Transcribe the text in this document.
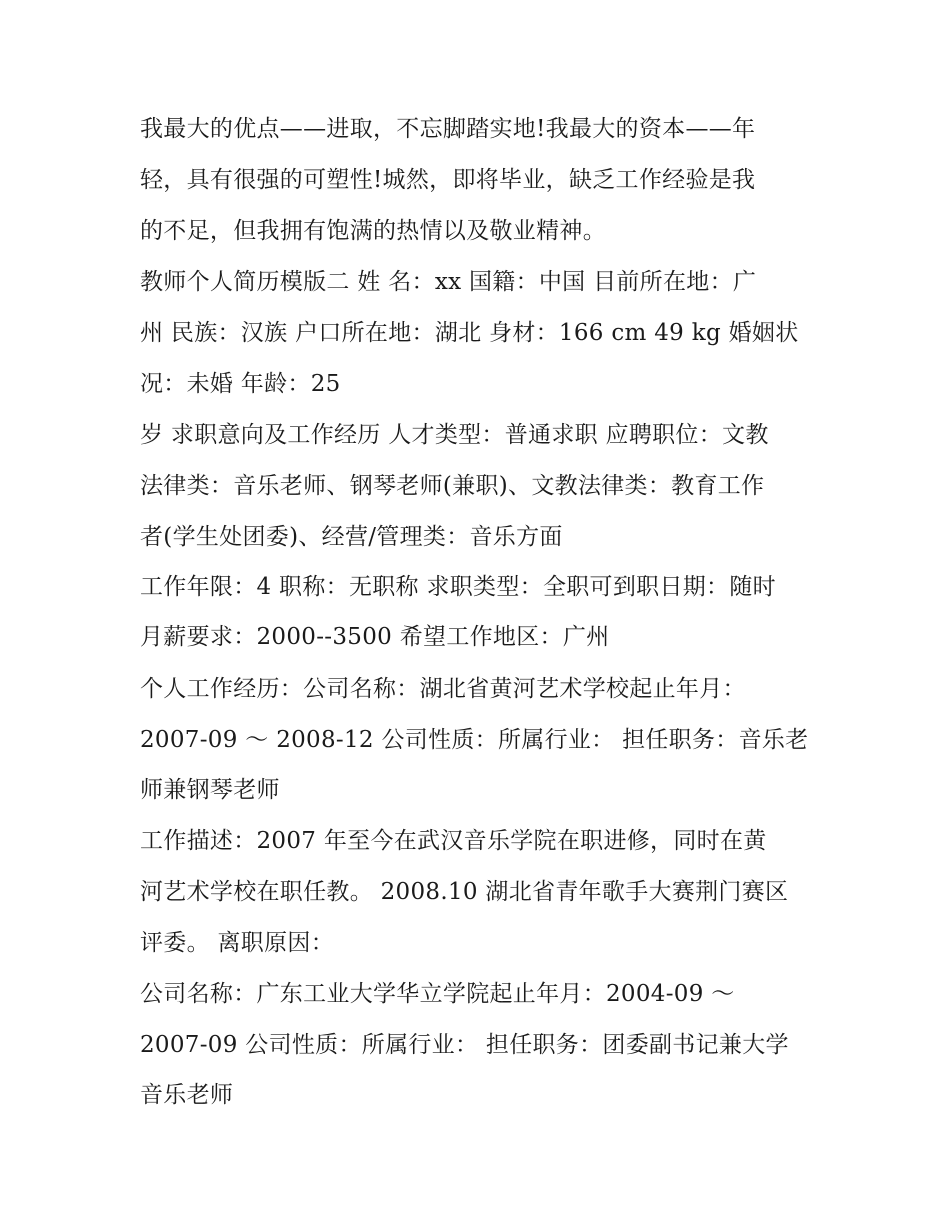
我最大的优点——进取，不忘脚踏实地!我最大的资本——年
轻，具有很强的可塑性!城然，即将毕业，缺乏工作经验是我
的不足，但我拥有饱满的热情以及敬业精神。
教师个人简历模版二 姓 名：xx 国籍：中国 目前所在地：广
州 民族：汉族 户口所在地：湖北 身材：166 cm 49 kg 婚姻状
况：未婚 年龄：25
岁 求职意向及工作经历 人才类型：普通求职 应聘职位：文教
法律类：音乐老师、钢琴老师(兼职)、文教法律类：教育工作
者(学生处团委)、经营/管理类：音乐方面
工作年限：4 职称：无职称 求职类型：全职可到职日期：随时
月薪要求：2000--3500 希望工作地区：广州
个人工作经历：公司名称：湖北省黄河艺术学校起止年月：
2007-09 ～ 2008-12 公司性质：所属行业： 担任职务：音乐老
师兼钢琴老师
工作描述：2007 年至今在武汉音乐学院在职进修，同时在黄
河艺术学校在职任教。 2008.10 湖北省青年歌手大赛荆门赛区
评委。 离职原因：
公司名称：广东工业大学华立学院起止年月：2004-09 ～
2007-09 公司性质：所属行业： 担任职务：团委副书记兼大学
音乐老师
